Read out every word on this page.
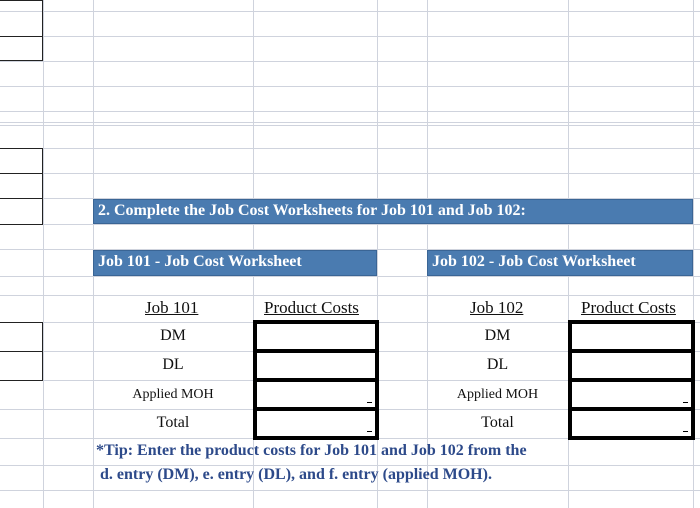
2. Complete the Job Cost Worksheets for Job 101 and Job 102:
Job 101 - Job Cost Worksheet	Job 102 - Job Cost Worksheet
Job 101	Product Costs
DM
DL
Applied MOH
Total
Job 102	Product Costs
DM
DL
Applied MOH
Total
*Tip: Enter the product costs for Job 101 and Job 102 from the
d. entry (DM), e. entry (DL), and f. entry (applied MOH).
